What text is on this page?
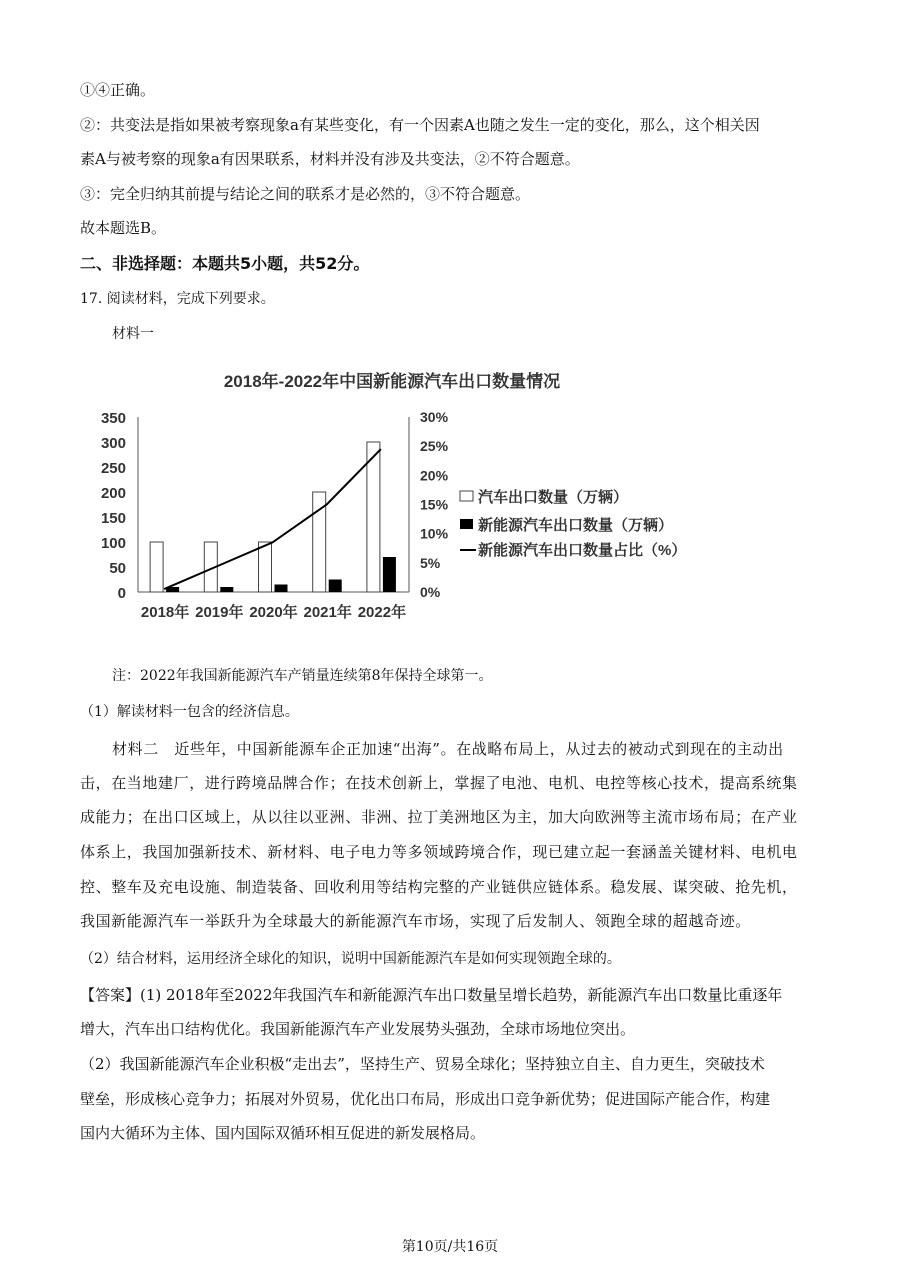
①④正确。
②：共变法是指如果被考察现象a有某些变化，有一个因素A也随之发生一定的变化，那么，这个相关因
素A与被考察的现象a有因果联系，材料并没有涉及共变法，②不符合题意。
③：完全归纳其前提与结论之间的联系才是必然的，③不符合题意。
故本题选B。
二、非选择题：本题共5小题，共52分。
17. 阅读材料，完成下列要求。
材料一
2018年-2022年中国新能源汽车出口数量情况
0
50
100
150
200
250
300
350
0%
5%
10%
15%
20%
25%
30%
2018年 2019年 2020年 2021年 2022年
汽车出口数量（万辆）
新能源汽车出口数量（万辆）
新能源汽车出口数量占比（%）
注：2022年我国新能源汽车产销量连续第8年保持全球第一。
（1）解读材料一包含的经济信息。
材料二　近些年，中国新能源车企正加速“出海”。在战略布局上，从过去的被动式到现在的主动出
击，在当地建厂，进行跨境品牌合作；在技术创新上，掌握了电池、电机、电控等核心技术，提高系统集
成能力；在出口区域上，从以往以亚洲、非洲、拉丁美洲地区为主，加大向欧洲等主流市场布局；在产业
体系上，我国加强新技术、新材料、电子电力等多领域跨境合作，现已建立起一套涵盖关键材料、电机电
控、整车及充电设施、制造装备、回收利用等结构完整的产业链供应链体系。稳发展、谋突破、抢先机，
我国新能源汽车一举跃升为全球最大的新能源汽车市场，实现了后发制人、领跑全球的超越奇迹。
（2）结合材料，运用经济全球化的知识，说明中国新能源汽车是如何实现领跑全球的。
【答案】(1) 2018年至2022年我国汽车和新能源汽车出口数量呈增长趋势，新能源汽车出口数量比重逐年
增大，汽车出口结构优化。我国新能源汽车产业发展势头强劲，全球市场地位突出。
（2）我国新能源汽车企业积极“走出去”，坚持生产、贸易全球化；坚持独立自主、自力更生，突破技术
壁垒，形成核心竞争力；拓展对外贸易，优化出口布局，形成出口竞争新优势；促进国际产能合作，构建
国内大循环为主体、国内国际双循环相互促进的新发展格局。
第10页/共16页
